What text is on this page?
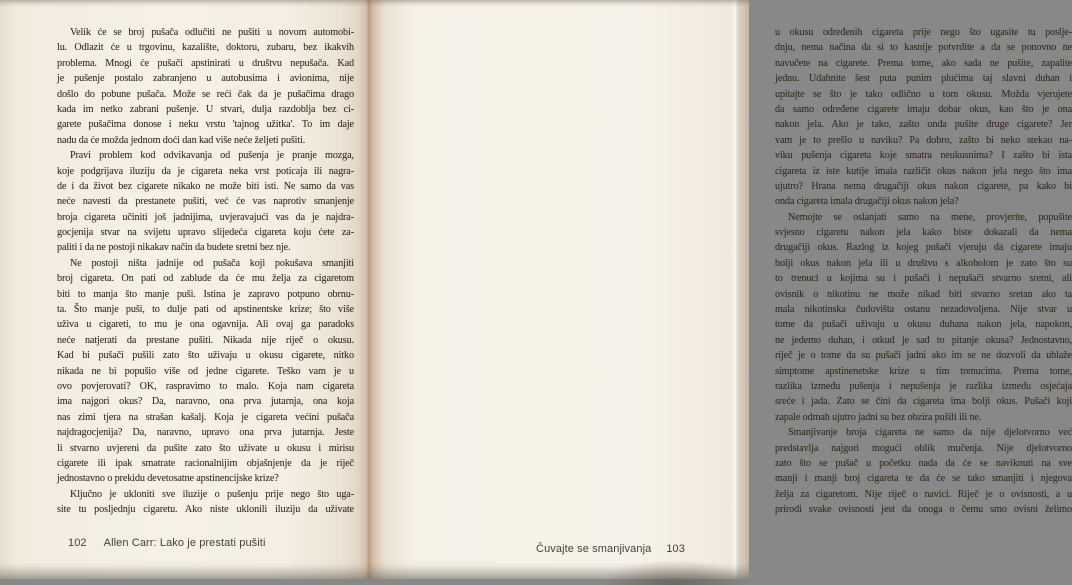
Velik će se broj pušača odlučiti ne pušiti u novom automobi-
lu. Odlazit će u trgovinu, kazalište, doktoru, zubaru, bez ikakvih
problema. Mnogi će pušači apstinirati u društvu nepušača. Kad
je pušenje postalo zabranjeno u autobusima i avionima, nije
došlo do pobune pušača. Može se reći čak da je pušačima drago
kada im netko zabrani pušenje. U stvari, dulja razdoblja bez ci-
garete pušačima donose i neku vrstu 'tajnog užitka'. To im daje
nadu da će možda jednom doći dan kad više neće željeti pušiti.
Pravi problem kod odvikavanja od pušenja je pranje mozga,
koje podgrijava iluziju da je cigareta neka vrst poticaja ili nagra-
de i da život bez cigarete nikako ne može biti isti. Ne samo da vas
neće navesti da prestanete pušiti, već će vas naprotiv smanjenje
broja cigareta učiniti još jadnijima, uvjeravajući vas da je najdra-
gocjenija stvar na svijetu upravo slijedeća cigareta koju ćete za-
paliti i da ne postoji nikakav način da budete sretni bez nje.
Ne postoji ništa jadnije od pušača koji pokušava smanjiti
broj cigareta. On pati od zablude da će mu želja za cigaretom
biti to manja što manje puši. Istina je zapravo potpuno obrnu-
ta. Što manje puši, to dulje pati od apstinentske krize; što više
uživa u cigareti, to mu je ona ogavnija. Ali ovaj ga paradoks
neće natjerati da prestane pušiti. Nikada nije riječ o okusu.
Kad bi pušači pušili zato što uživaju u okusu cigarete, nitko
nikada ne bi popušio više od jedne cigarete. Teško vam je u
ovo povjerovati? OK, raspravimo to malo. Koja nam cigareta
ima najgori okus? Da, naravno, ona prva jutarnja, ona koja
nas zimi tjera na strašan kašalj. Koja je cigareta većini pušača
najdragocjenija? Da, naravno, upravo ona prva jutarnja. Jeste
li stvarno uvjereni da pušite zato što uživate u okusu i mirisu
cigarete ili ipak smatrate racionalnijim objašnjenje da je riječ
jednostavno o prekidu devetosatne apstinencijske krize?
Ključno je ukloniti sve iluzije o pušenju prije nego što uga-
site tu posljednju cigaretu. Ako niste uklonili iluziju da uživate
102 Allen Carr: Lako je prestati pušiti
u okusu određenih cigareta prije nego što ugasite tu poslje-
dnju, nema načina da si to kasnije potvrdite a da se ponovno ne
navučete na cigarete. Prema tome, ako sada ne pušite, zapalite
jednu. Udahnite šest puta punim plućima taj slavni duhan i
upitajte se što je tako odlično u tom okusu. Možda vjerujete
da samo određene cigarete imaju dobar okus, kao što je ona
nakon jela. Ako je tako, zašto onda pušite druge cigarete? Jer
vam je to prešlo u naviku? Pa dobro, zašto bi neko stekao na-
viku pušenja cigareta koje smatra neukusnima? I zašto bi ista
cigareta iz iste kutije imala različit okus nakon jela nego što ima
ujutro? Hrana nema drugačiji okus nakon cigarete, pa kako bi
onda cigareta imala drugačiji okus nakon jela?
Nemojte se oslanjati samo na mene, provjerite, popušite
svjesno cigaretu nakon jela kako biste dokazali da nema
drugačiji okus. Razlog iz kojeg pušači vjeruju da cigarete imaju
bolji okus nakon jela ili u društvu s alkoholom je zato što su
to trenuci u kojima su i pušači i nepušači stvarno sretni, ali
ovisnik o nikotinu ne može nikad biti stvarno sretan ako ta
mala nikotinska čudovišta ostanu nezadovoljena. Nije stvar u
tome da pušači uživaju u okusu duhana nakon jela, napokon,
ne jedemo duhan, i otkud je sad to pitanje okusa? Jednostavno,
riječ je o tome da su pušači jadni ako im se ne dozvoli da ublaže
simptome apstinenetske krize u tim trenucima. Prema tome,
razlika između pušenja i nepušenja je razlika između osjećaja
sreće i jada. Zato se čini da cigareta ima bolji okus. Pušači koji
zapale odmah ujutro jadni su bez obzira pušili ili ne.
Smanjivanje broja cigareta ne samo da nije djelotvorno već
predstavlja najgori mogući oblik mučenja. Nije djelotvorno
zato što se pušač u početku nada da će se naviknuti na sve
manji i manji broj cigareta te da će se tako smanjiti i njegova
želja za cigaretom. Nije riječ o navici. Riječ je o ovisnosti, a u
prirodi svake ovisnosti jest da onoga o čemu smo ovisni želimo
Čuvajte se smanjivanja 103
